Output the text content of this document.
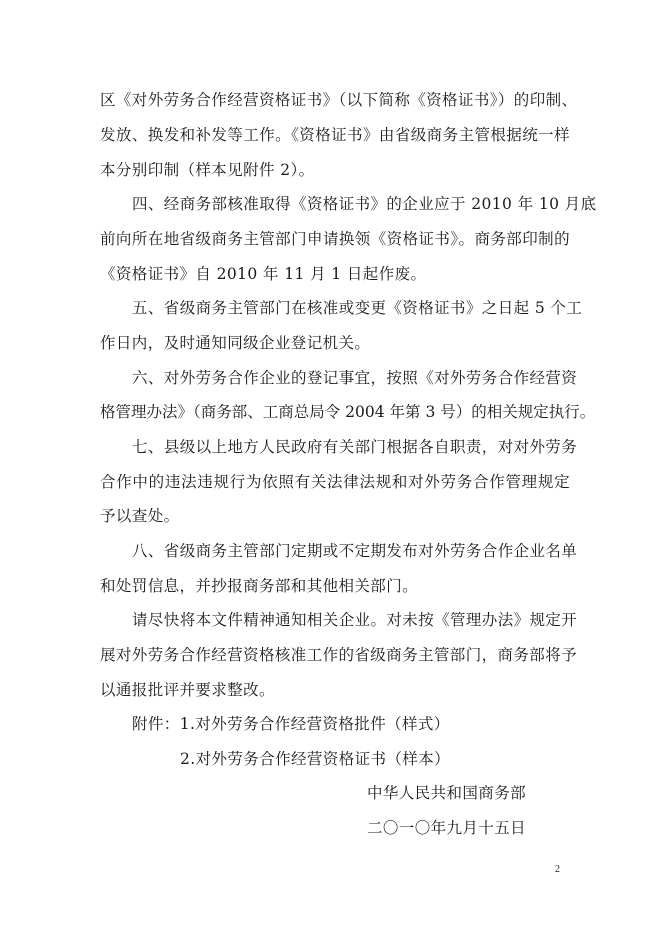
区《对外劳务合作经营资格证书》（以下简称《资格证书》）的印制、
发放、换发和补发等工作。《资格证书》由省级商务主管根据统一样
本分别印制（样本见附件 2）。
四、经商务部核准取得《资格证书》的企业应于 2010 年 10 月底
前向所在地省级商务主管部门申请换领《资格证书》。商务部印制的
《资格证书》自 2010 年 11 月 1 日起作废。
五、省级商务主管部门在核准或变更《资格证书》之日起 5 个工
作日内，及时通知同级企业登记机关。
六、对外劳务合作企业的登记事宜，按照《对外劳务合作经营资
格管理办法》（商务部、工商总局令 2004 年第 3 号）的相关规定执行。
七、县级以上地方人民政府有关部门根据各自职责，对对外劳务
合作中的违法违规行为依照有关法律法规和对外劳务合作管理规定
予以查处。
八、省级商务主管部门定期或不定期发布对外劳务合作企业名单
和处罚信息，并抄报商务部和其他相关部门。
请尽快将本文件精神通知相关企业。对未按《管理办法》规定开
展对外劳务合作经营资格核准工作的省级商务主管部门，商务部将予
以通报批评并要求整改。
附件：1.对外劳务合作经营资格批件（样式）
2.对外劳务合作经营资格证书（样本）
中华人民共和国商务部
二〇一〇年九月十五日
2
